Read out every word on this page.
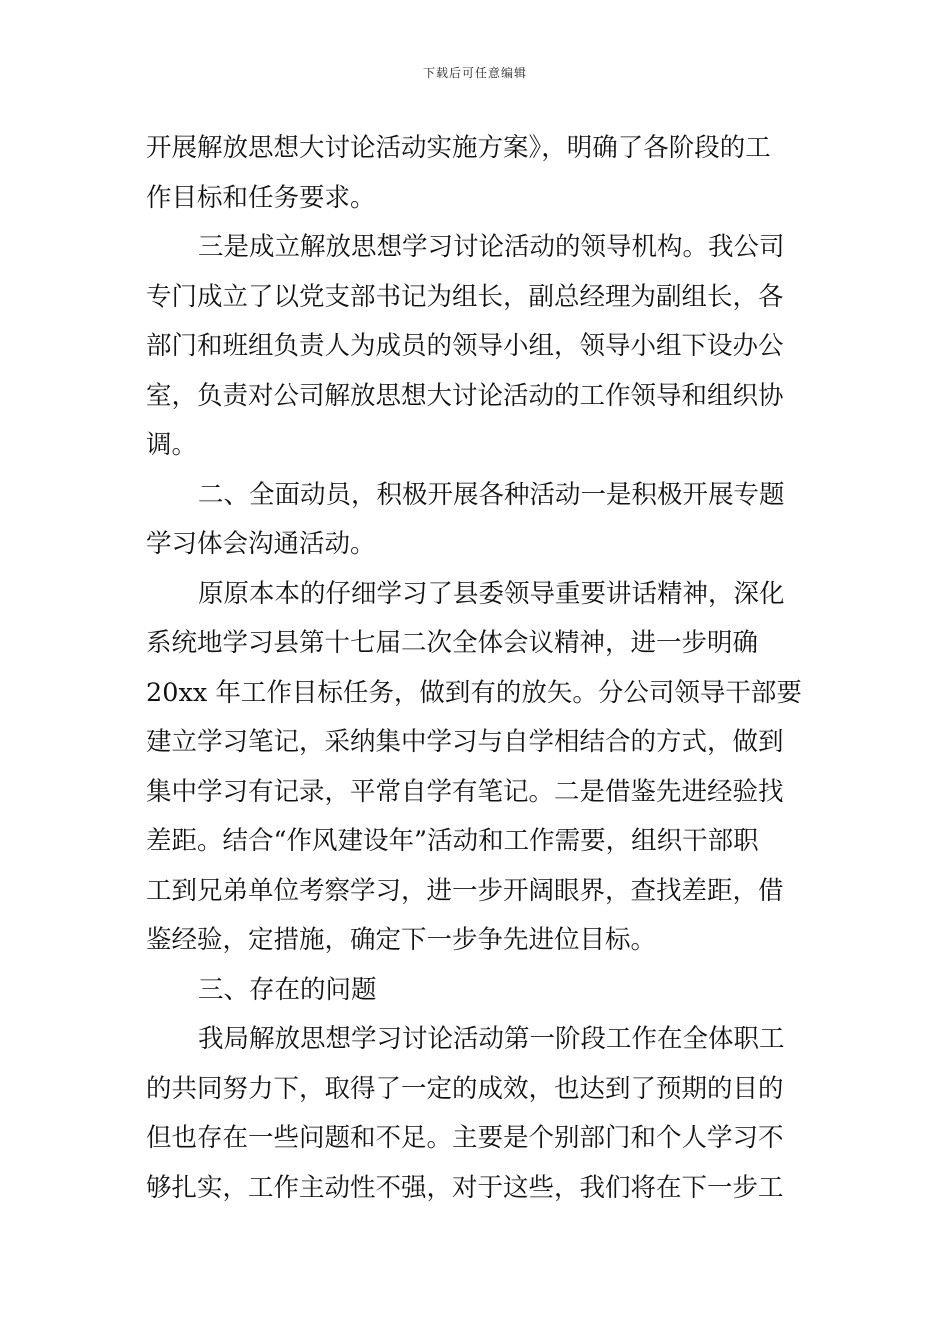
下载后可任意编辑
开展解放思想大讨论活动实施方案》，明确了各阶段的工
作目标和任务要求。
三是成立解放思想学习讨论活动的领导机构。我公司
专门成立了以党支部书记为组长，副总经理为副组长，各
部门和班组负责人为成员的领导小组，领导小组下设办公
室，负责对公司解放思想大讨论活动的工作领导和组织协
调。
二、全面动员，积极开展各种活动一是积极开展专题
学习体会沟通活动。
原原本本的仔细学习了县委领导重要讲话精神，深化
系统地学习县第十七届二次全体会议精神，进一步明确
20xx 年工作目标任务，做到有的放矢。分公司领导干部要
建立学习笔记，采纳集中学习与自学相结合的方式，做到
集中学习有记录，平常自学有笔记。二是借鉴先进经验找
差距。结合“作风建设年”活动和工作需要，组织干部职
工到兄弟单位考察学习，进一步开阔眼界，查找差距，借
鉴经验，定措施，确定下一步争先进位目标。
三、存在的问题
我局解放思想学习讨论活动第一阶段工作在全体职工
的共同努力下，取得了一定的成效，也达到了预期的目的
但也存在一些问题和不足。主要是个别部门和个人学习不
够扎实，工作主动性不强，对于这些，我们将在下一步工
